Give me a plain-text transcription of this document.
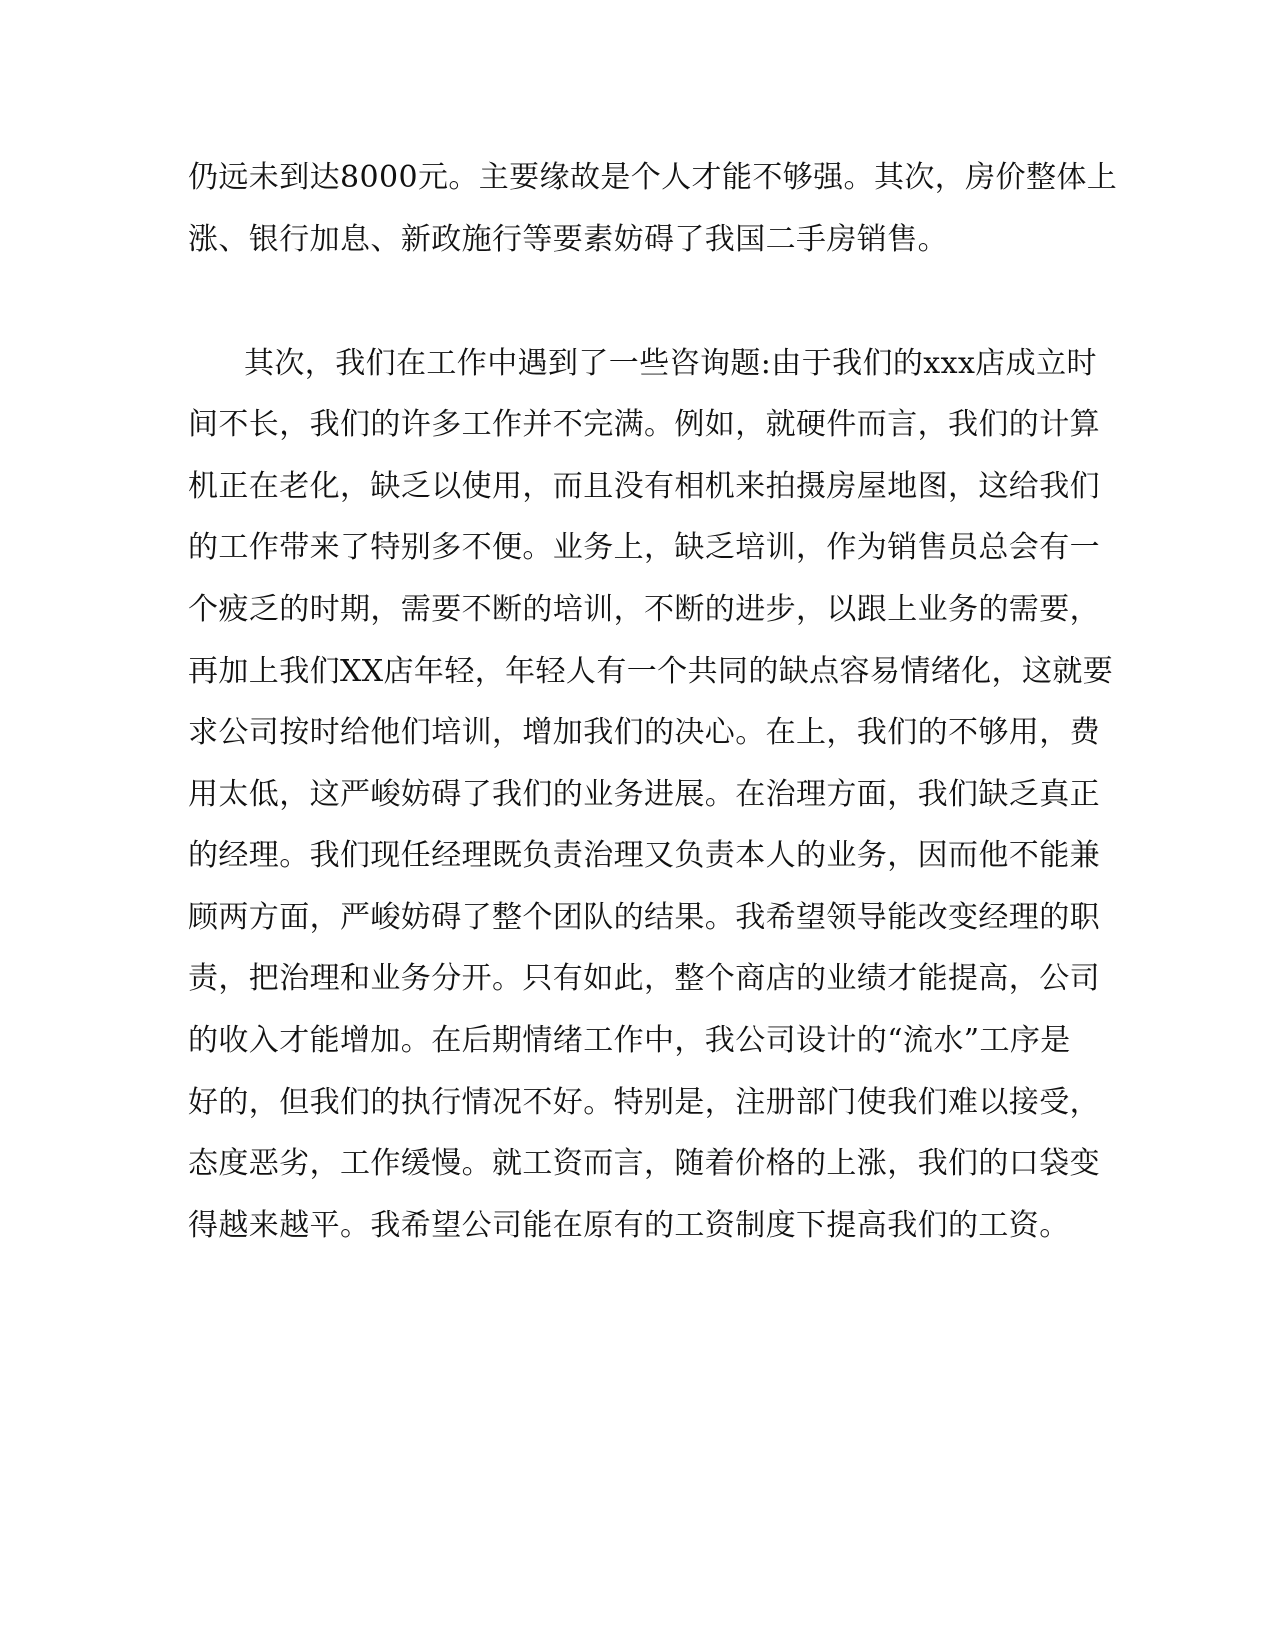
仍远未到达8000元。主要缘故是个人才能不够强。其次，房价整体上
涨、银行加息、新政施行等要素妨碍了我国二手房销售。
其次，我们在工作中遇到了一些咨询题:由于我们的xxx店成立时
间不长，我们的许多工作并不完满。例如，就硬件而言，我们的计算
机正在老化，缺乏以使用，而且没有相机来拍摄房屋地图，这给我们
的工作带来了特别多不便。业务上，缺乏培训，作为销售员总会有一
个疲乏的时期，需要不断的培训，不断的进步，以跟上业务的需要，
再加上我们XX店年轻，年轻人有一个共同的缺点容易情绪化，这就要
求公司按时给他们培训，增加我们的决心。在上，我们的不够用，费
用太低，这严峻妨碍了我们的业务进展。在治理方面，我们缺乏真正
的经理。我们现任经理既负责治理又负责本人的业务，因而他不能兼
顾两方面，严峻妨碍了整个团队的结果。我希望领导能改变经理的职
责，把治理和业务分开。只有如此，整个商店的业绩才能提高，公司
的收入才能增加。在后期情绪工作中，我公司设计的“流水”工序是
好的，但我们的执行情况不好。特别是，注册部门使我们难以接受，
态度恶劣，工作缓慢。就工资而言，随着价格的上涨，我们的口袋变
得越来越平。我希望公司能在原有的工资制度下提高我们的工资。
